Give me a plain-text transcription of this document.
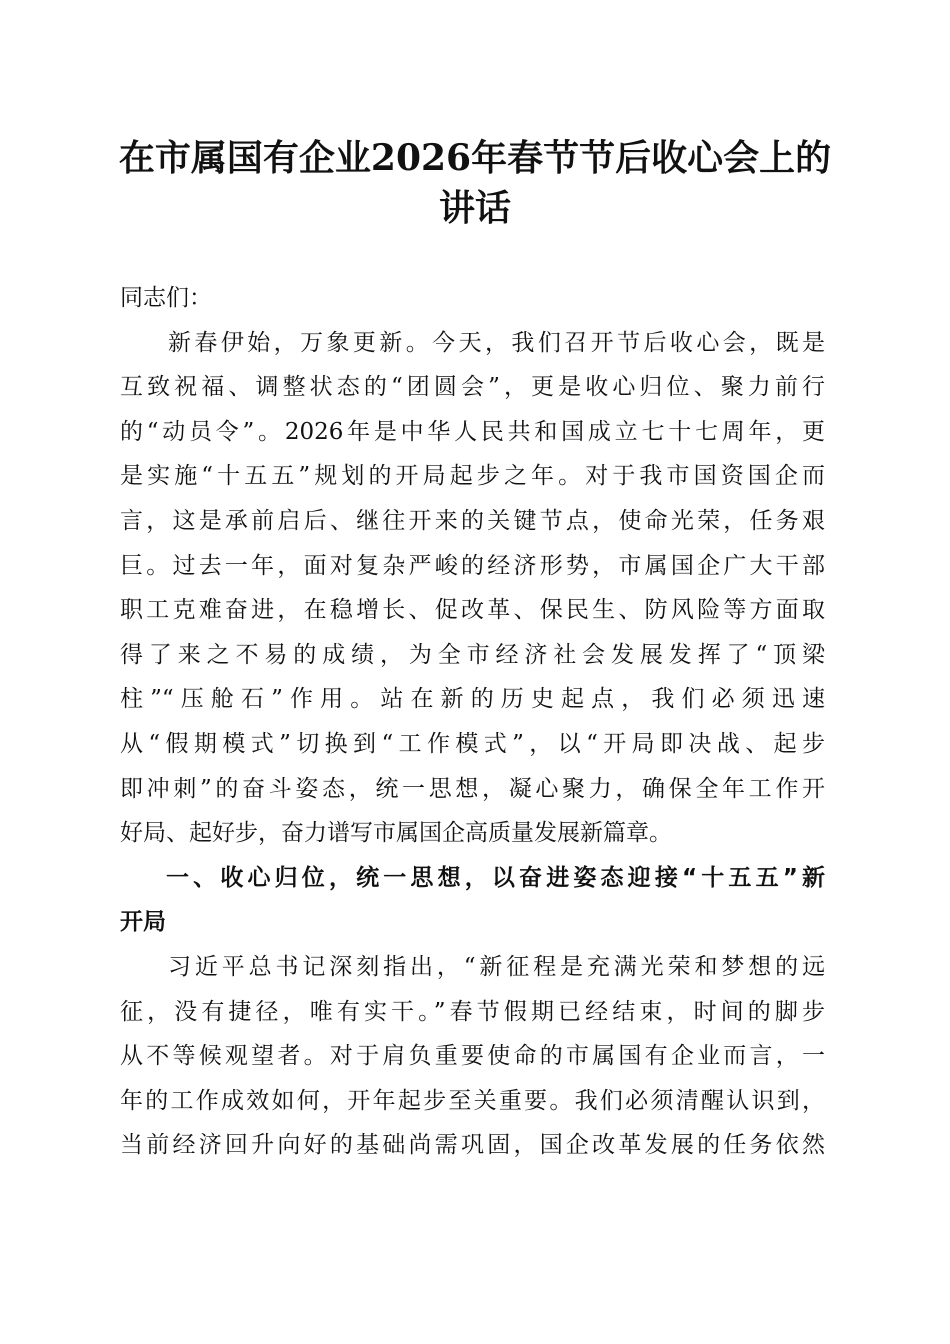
在市属国有企业2026年春节节后收心会上的
讲话
同志们：
新春伊始，万象更新。今天，我们召开节后收心会，既是
互致祝福、调整状态的“团圆会”，更是收心归位、聚力前行
的“动员令”。2026年是中华人民共和国成立七十七周年，更
是实施“十五五”规划的开局起步之年。对于我市国资国企而
言，这是承前启后、继往开来的关键节点，使命光荣，任务艰
巨。过去一年，面对复杂严峻的经济形势，市属国企广大干部
职工克难奋进，在稳增长、促改革、保民生、防风险等方面取
得了来之不易的成绩，为全市经济社会发展发挥了“顶梁
柱”“压舱石”作用。站在新的历史起点，我们必须迅速
从“假期模式”切换到“工作模式”，以“开局即决战、起步
即冲刺”的奋斗姿态，统一思想，凝心聚力，确保全年工作开
好局、起好步，奋力谱写市属国企高质量发展新篇章。
一、收心归位，统一思想，以奋进姿态迎接“十五五”新
开局
习近平总书记深刻指出，“新征程是充满光荣和梦想的远
征，没有捷径，唯有实干。”春节假期已经结束，时间的脚步
从不等候观望者。对于肩负重要使命的市属国有企业而言，一
年的工作成效如何，开年起步至关重要。我们必须清醒认识到，
当前经济回升向好的基础尚需巩固，国企改革发展的任务依然
